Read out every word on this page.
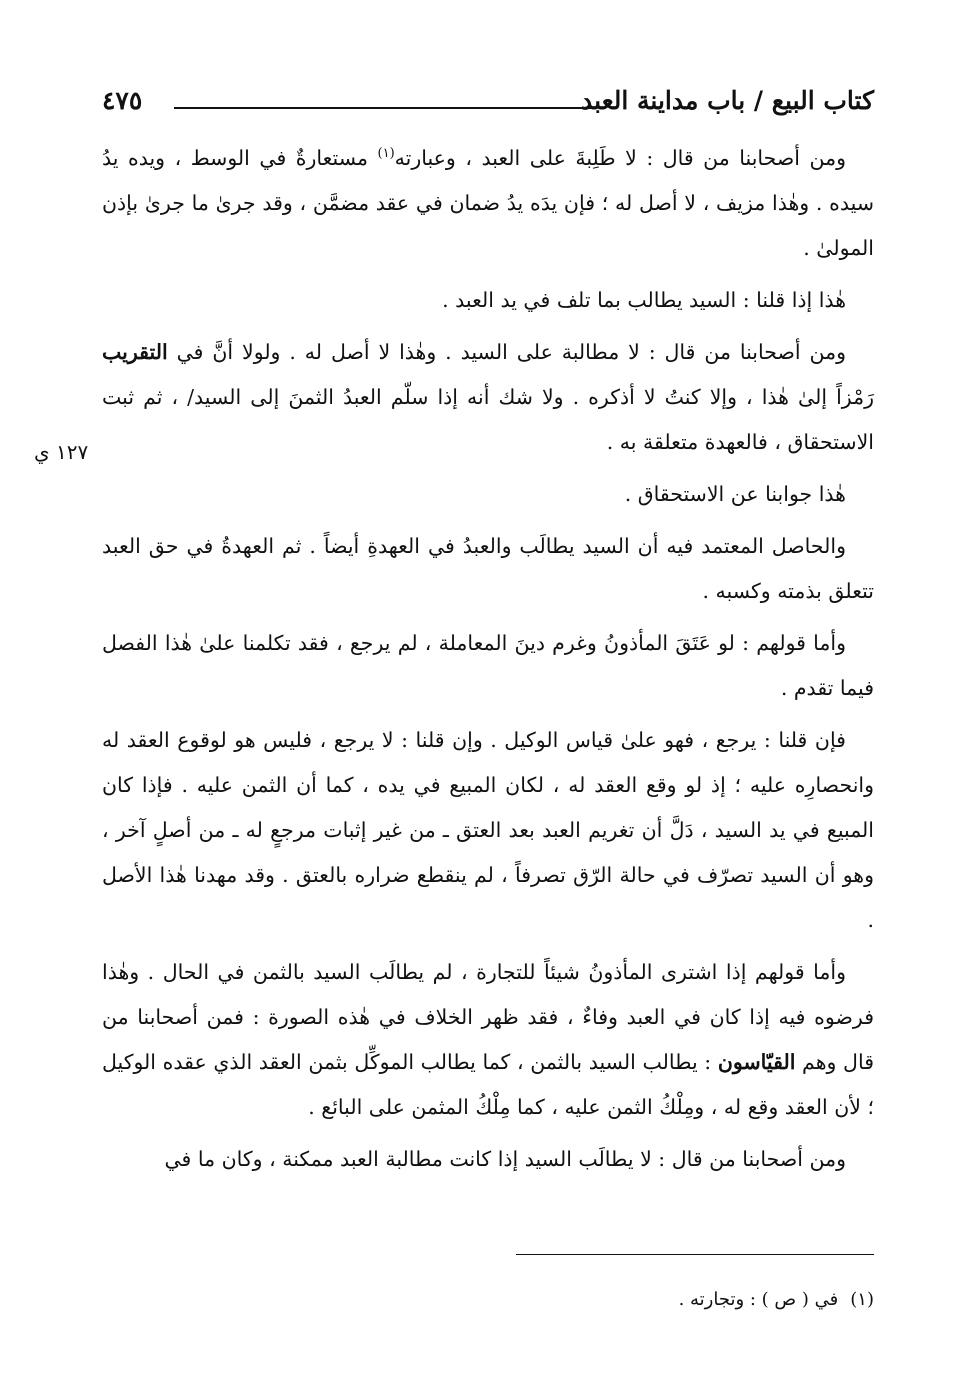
كتاب البيع / باب مداينة العبد
٤٧٥
١٢٧ ي

ومن أصحابنا من قال : لا طَلِبةَ على العبد ، وعبارته$^{(١)}$ مستعارةٌ في الوسط ، ويده يدُ سيده . وهٰذا مزيف ، لا أصل له ؛ فإن يدَه يدُ ضمان في عقد مضمَّن ، وقد جرىٰ ما جرىٰ بإذن المولىٰ .

هٰذا إذا قلنا : السيد يطالب بما تلف في يد العبد .

ومن أصحابنا من قال : لا مطالبة على السيد . وهٰذا لا أصل له . ولولا أنَّ في التقريب رَمْزاً إلىٰ هٰذا ، وإلا كنتُ لا أذكره . ولا شك أنه إذا سلّم العبدُ الثمنَ إلى السيد/ ، ثم ثبت الاستحقاق ، فالعهدة متعلقة به .

هٰذا جوابنا عن الاستحقاق .

والحاصل المعتمد فيه أن السيد يطالَب والعبدُ في العهدةِ أيضاً . ثم العهدةُ في حق العبد تتعلق بذمته وكسبه .

وأما قولهم : لو عَتَقَ المأذونُ وغرم دينَ المعاملة ، لم يرجع ، فقد تكلمنا علىٰ هٰذا الفصل فيما تقدم .

فإن قلنا : يرجع ، فهو علىٰ قياس الوكيل . وإن قلنا : لا يرجع ، فليس هو لوقوع العقد له وانحصارِه عليه ؛ إذ لو وقع العقد له ، لكان المبيع في يده ، كما أن الثمن عليه . فإذا كان المبيع في يد السيد ، دَلَّ أن تغريم العبد بعد العتق ـ من غير إثبات مرجعٍ له ـ من أصلٍ آخر ، وهو أن السيد تصرّف في حالة الرّق تصرفاً ، لم ينقطع ضراره بالعتق . وقد مهدنا هٰذا الأصل .

وأما قولهم إذا اشترى المأذونُ شيئاً للتجارة ، لم يطالَب السيد بالثمن في الحال . وهٰذا فرضوه فيه إذا كان في العبد وفاءٌ ، فقد ظهر الخلاف في هٰذه الصورة : فمن أصحابنا من قال وهم القيّاسون : يطالب السيد بالثمن ، كما يطالب الموكِّل بثمن العقد الذي عقده الوكيل ؛ لأن العقد وقع له ، ومِلْكُ الثمن عليه ، كما مِلْكُ المثمن على البائع .

ومن أصحابنا من قال : لا يطالَب السيد إذا كانت مطالبة العبد ممكنة ، وكان ما في

(١)في ( ص ) : وتجارته .
